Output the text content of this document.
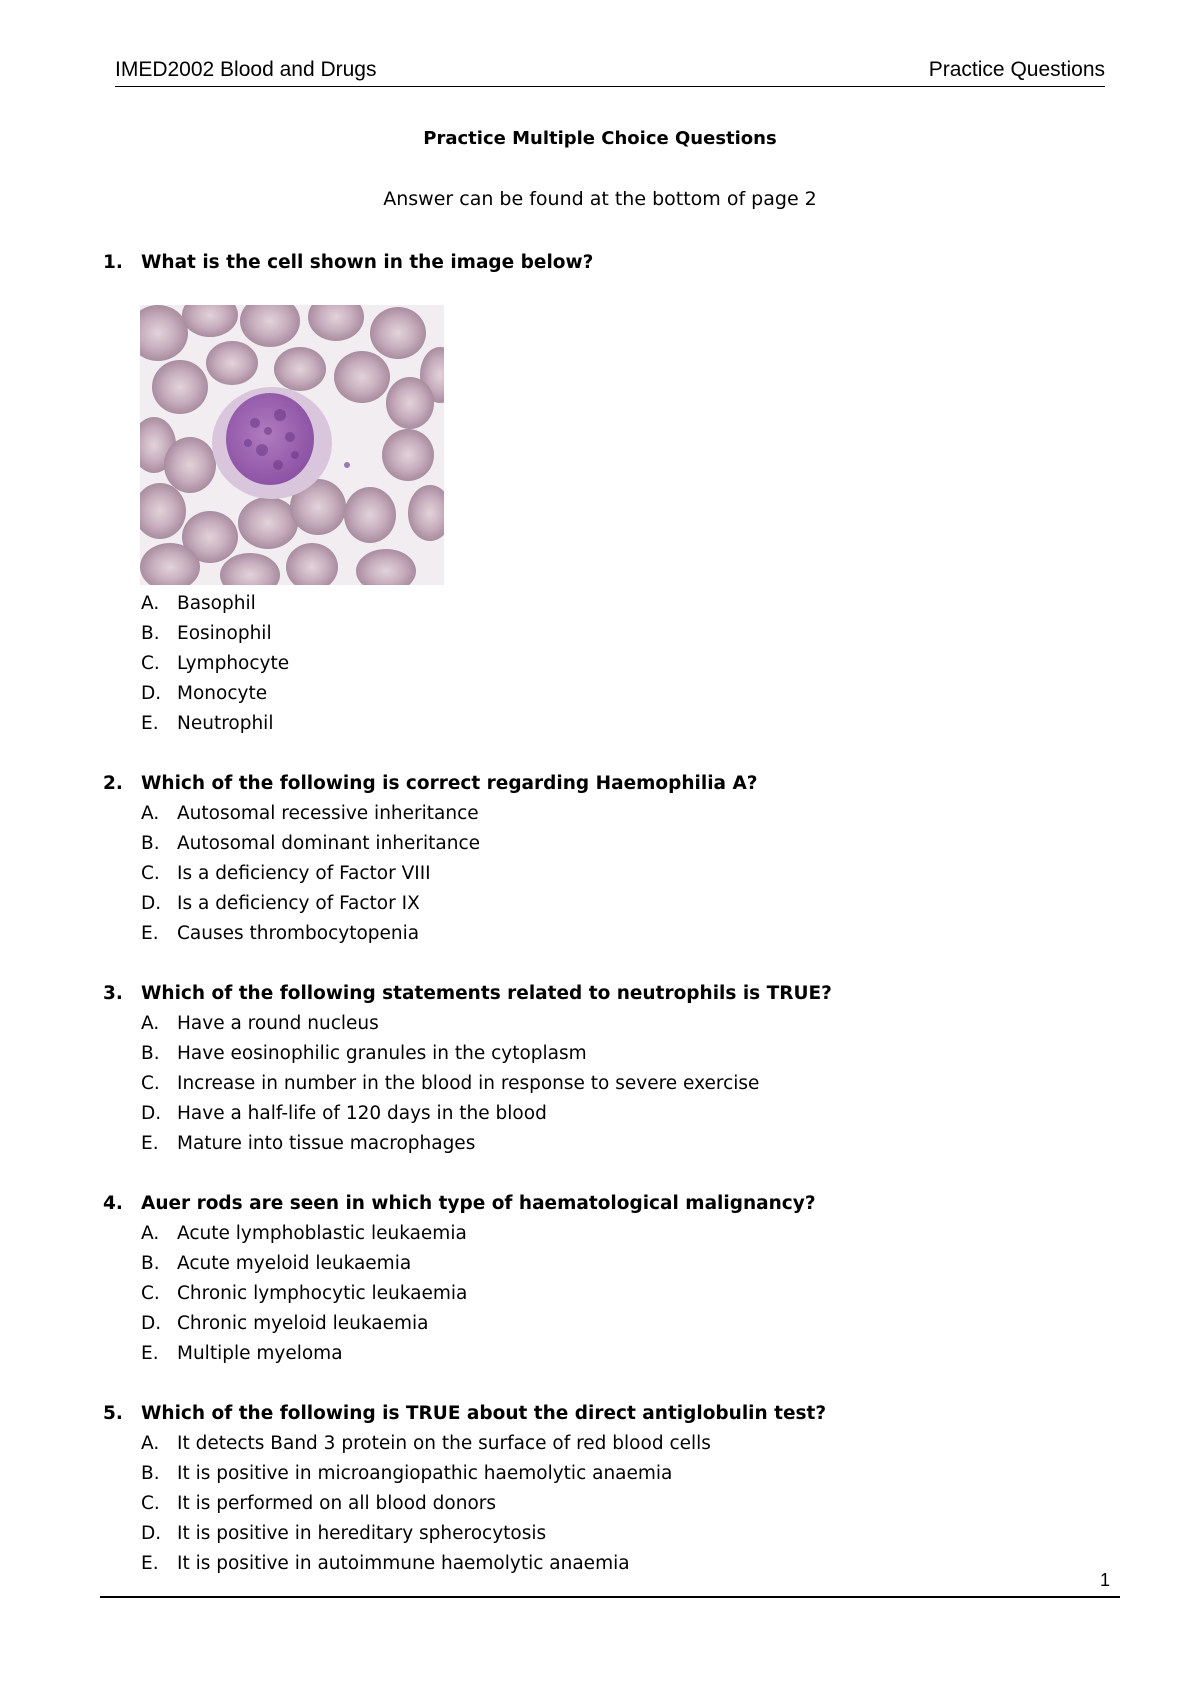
IMED2002 Blood and Drugs	Practice Questions
Practice Multiple Choice Questions
Answer can be found at the bottom of page 2
1. What is the cell shown in the image below?
A. Basophil
B. Eosinophil
C. Lymphocyte
D. Monocyte
E. Neutrophil
2. Which of the following is correct regarding Haemophilia A?
A. Autosomal recessive inheritance
B. Autosomal dominant inheritance
C. Is a deficiency of Factor VIII
D. Is a deficiency of Factor IX
E. Causes thrombocytopenia
3. Which of the following statements related to neutrophils is TRUE?
A. Have a round nucleus
B. Have eosinophilic granules in the cytoplasm
C. Increase in number in the blood in response to severe exercise
D. Have a half-life of 120 days in the blood
E. Mature into tissue macrophages
4. Auer rods are seen in which type of haematological malignancy?
A. Acute lymphoblastic leukaemia
B. Acute myeloid leukaemia
C. Chronic lymphocytic leukaemia
D. Chronic myeloid leukaemia
E. Multiple myeloma
5. Which of the following is TRUE about the direct antiglobulin test?
A. It detects Band 3 protein on the surface of red blood cells
B. It is positive in microangiopathic haemolytic anaemia
C. It is performed on all blood donors
D. It is positive in hereditary spherocytosis
E. It is positive in autoimmune haemolytic anaemia
1
